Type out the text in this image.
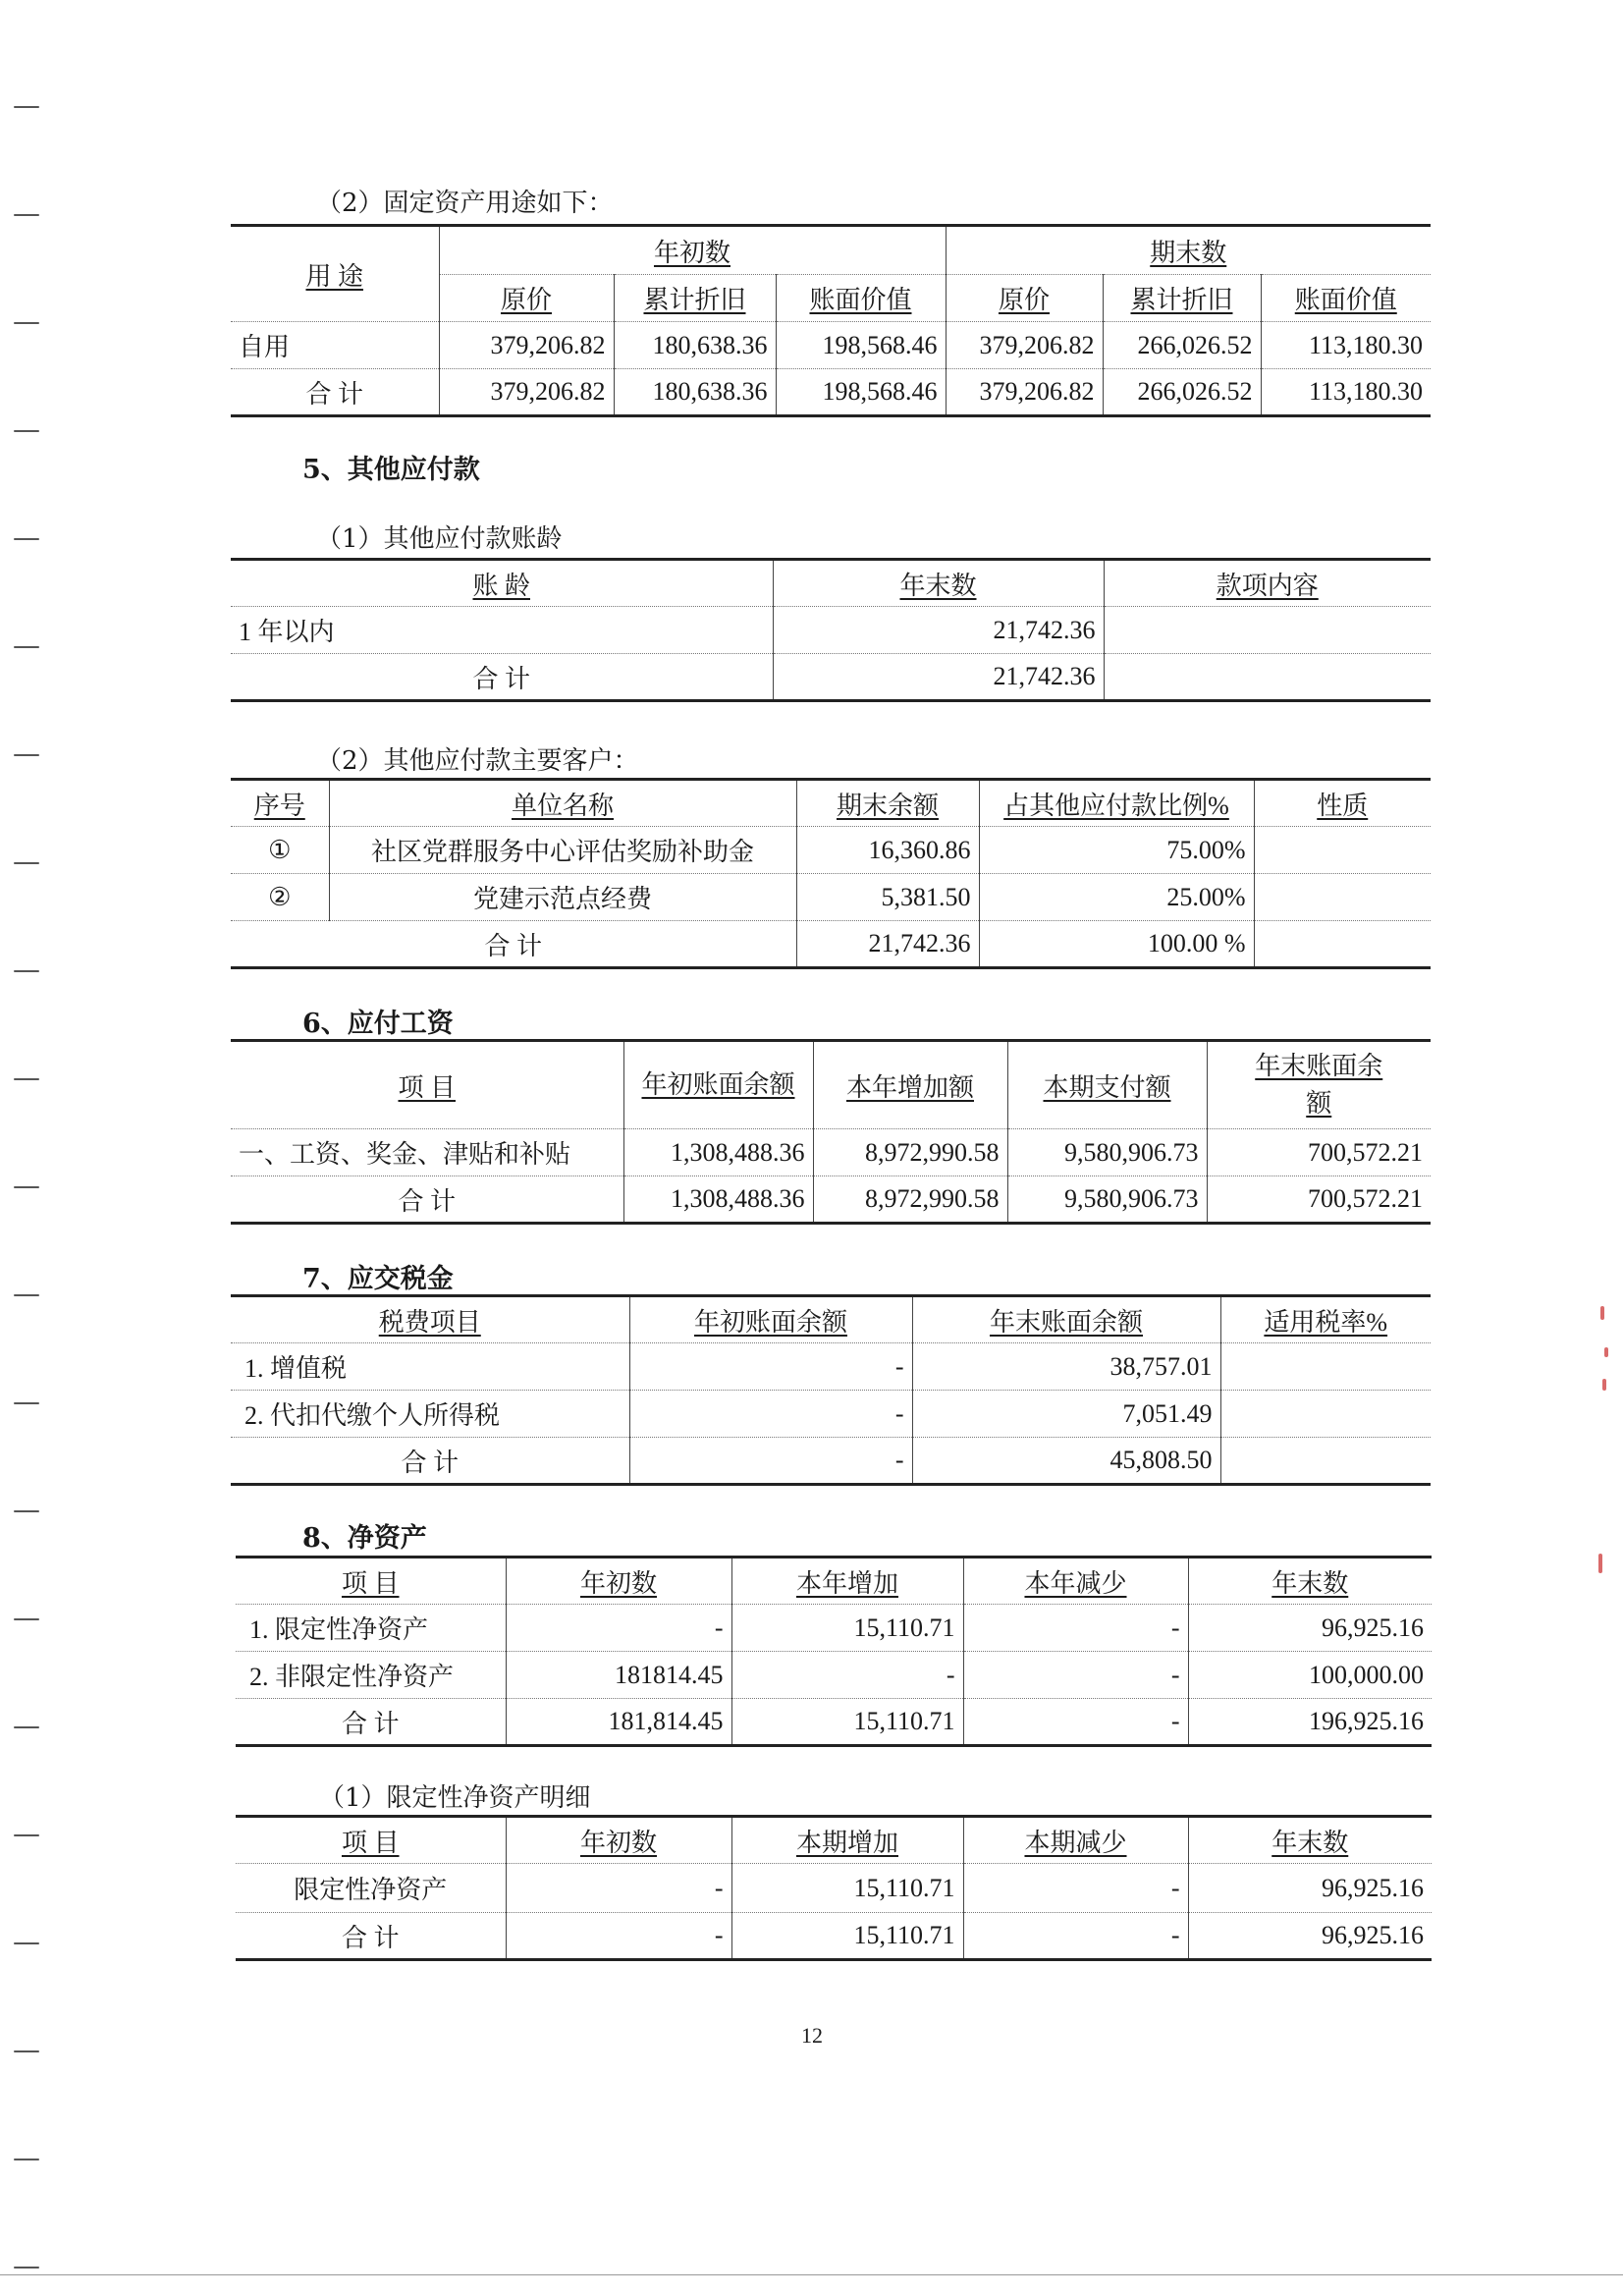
（2）固定资产用途如下：
用 途	年初数			期末数		
	原价	累计折旧	账面价值	原价	累计折旧	账面价值
自用	379,206.82	180,638.36	198,568.46	379,206.82	266,026.52	113,180.30
合 计	379,206.82	180,638.36	198,568.46	379,206.82	266,026.52	113,180.30
5、其他应付款
（1）其他应付款账龄
账 龄	年末数	款项内容
1 年以内	21,742.36	
合 计	21,742.36	
（2）其他应付款主要客户：
序号	单位名称	期末余额	占其他应付款比例%	性质
①	社区党群服务中心评估奖励补助金	16,360.86	75.00%	
②	党建示范点经费	5,381.50	25.00%	
合 计		21,742.36	100.00 %	
6、应付工资
项 目	年初账面余额	本年增加额	本期支付额	年末账面余额
一、工资、奖金、津贴和补贴	1,308,488.36	8,972,990.58	9,580,906.73	700,572.21
合 计	1,308,488.36	8,972,990.58	9,580,906.73	700,572.21
7、应交税金
税费项目	年初账面余额	年末账面余额	适用税率%
1. 增值税	-	38,757.01	
2. 代扣代缴个人所得税	-	7,051.49	
合 计	-	45,808.50	
8、净资产
项 目	年初数	本年增加	本年减少	年末数
1. 限定性净资产	-	15,110.71	-	96,925.16
2. 非限定性净资产	181814.45	-	-	100,000.00
合 计	181,814.45	15,110.71	-	196,925.16
（1）限定性净资产明细
项 目	年初数	本期增加	本期减少	年末数
限定性净资产	-	15,110.71	-	96,925.16
合 计	-	15,110.71	-	96,925.16
12
